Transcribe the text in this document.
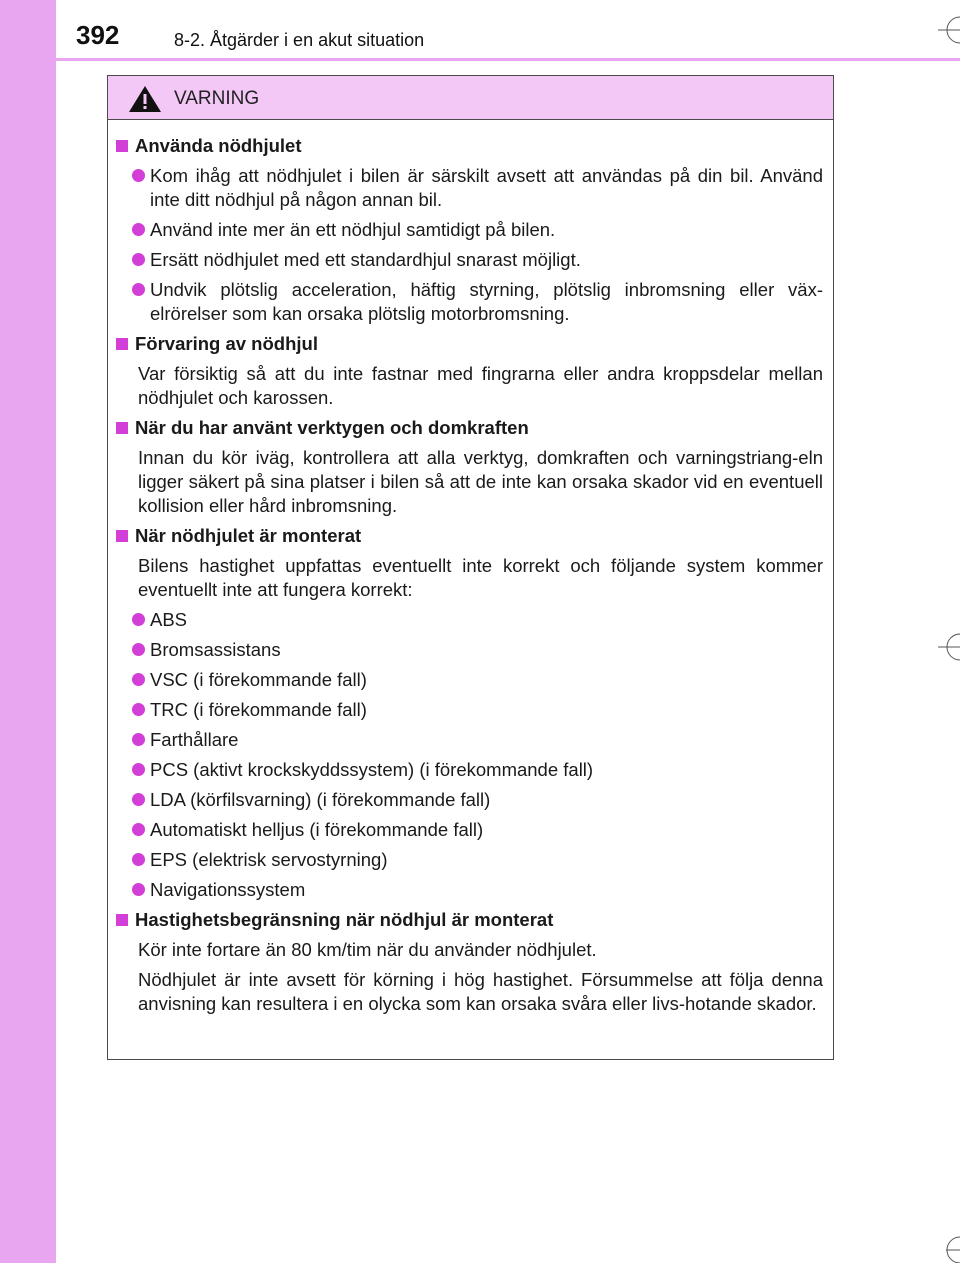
392	8-2. Åtgärder i en akut situation
VARNING
Använda nödhjulet
Kom ihåg att nödhjulet i bilen är särskilt avsett att användas på din bil. Använd inte ditt nödhjul på någon annan bil.
Använd inte mer än ett nödhjul samtidigt på bilen.
Ersätt nödhjulet med ett standardhjul snarast möjligt.
Undvik plötslig acceleration, häftig styrning, plötslig inbromsning eller väx-elrörelser som kan orsaka plötslig motorbromsning.
Förvaring av nödhjul
Var försiktig så att du inte fastnar med fingrarna eller andra kroppsdelar mellan nödhjulet och karossen.
När du har använt verktygen och domkraften
Innan du kör iväg, kontrollera att alla verktyg, domkraften och varningstriang-eln ligger säkert på sina platser i bilen så att de inte kan orsaka skador vid en eventuell kollision eller hård inbromsning.
När nödhjulet är monterat
Bilens hastighet uppfattas eventuellt inte korrekt och följande system kommer eventuellt inte att fungera korrekt:
ABS
Bromsassistans
VSC (i förekommande fall)
TRC (i förekommande fall)
Farthållare
PCS (aktivt krockskyddssystem) (i förekommande fall)
LDA (körfilsvarning) (i förekommande fall)
Automatiskt helljus (i förekommande fall)
EPS (elektrisk servostyrning)
Navigationssystem
Hastighetsbegränsning när nödhjul är monterat
Kör inte fortare än 80 km/tim när du använder nödhjulet.
Nödhjulet är inte avsett för körning i hög hastighet. Försummelse att följa denna anvisning kan resultera i en olycka som kan orsaka svåra eller livs-hotande skador.
